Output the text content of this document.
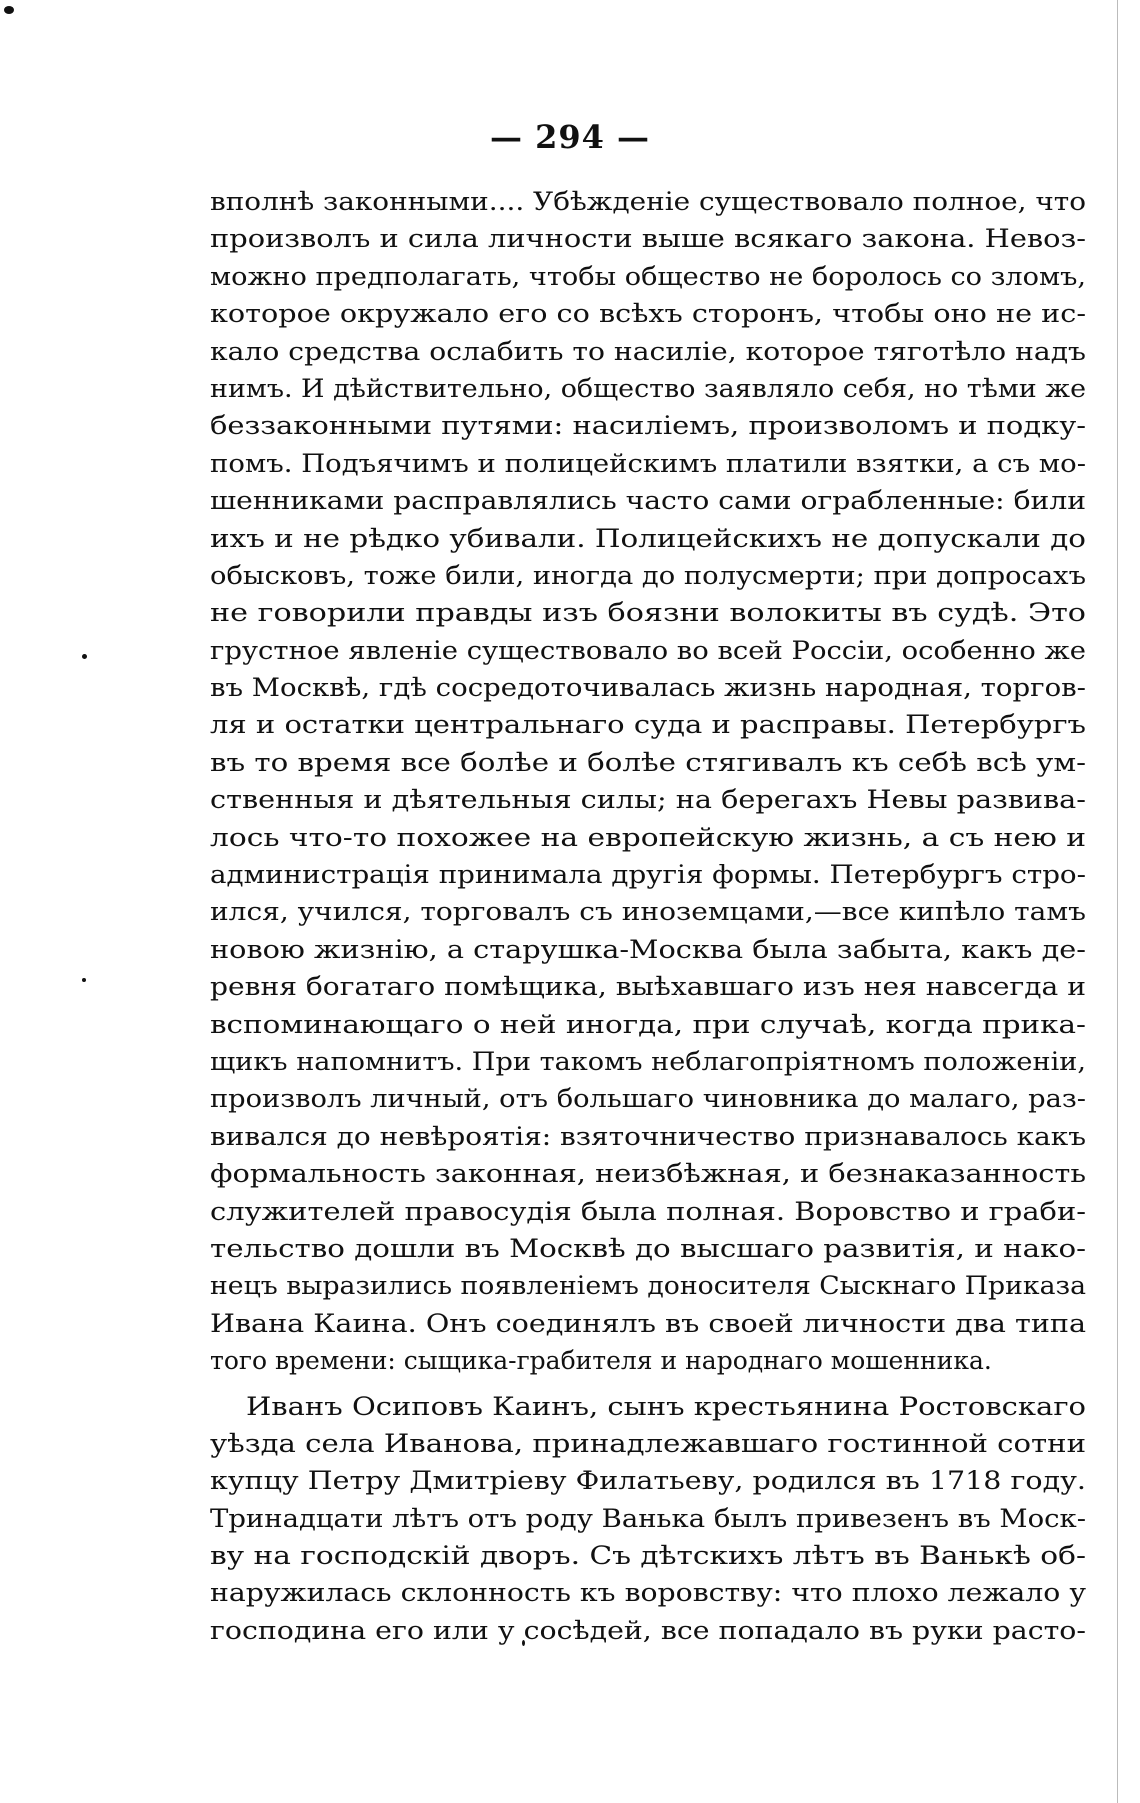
— 294 —
вполнѣ законными.... Убѣжденіе существовало полное, что
произволъ и сила личности выше всякаго закона. Невоз-
можно предполагать, чтобы общество не боролось со зломъ,
которое окружало его со всѣхъ сторонъ, чтобы оно не ис-
кало средства ослабить то насиліе, которое тяготѣло надъ
нимъ. И дѣйствительно, общество заявляло себя, но тѣми же
беззаконными путями: насиліемъ, произволомъ и подку-
помъ. Подъячимъ и полицейскимъ платили взятки, а съ мо-
шенниками расправлялись часто сами ограбленные: били
ихъ и не рѣдко убивали. Полицейскихъ не допускали до
обысковъ, тоже били, иногда до полусмерти; при допросахъ
не говорили правды изъ боязни волокиты въ судѣ. Это
грустное явленіе существовало во всей Россіи, особенно же
въ Москвѣ, гдѣ сосредоточивалась жизнь народная, торгов-
ля и остатки центральнаго суда и расправы. Петербургъ
въ то время все болѣе и болѣе стягивалъ къ себѣ всѣ ум-
ственныя и дѣятельныя силы; на берегахъ Невы развива-
лось что-то похожее на европейскую жизнь, а съ нею и
администрація принимала другія формы. Петербургъ стро-
ился, учился, торговалъ съ иноземцами,—все кипѣло тамъ
новою жизнію, а старушка-Москва была забыта, какъ де-
ревня богатаго помѣщика, выѣхавшаго изъ нея навсегда и
вспоминающаго о ней иногда, при случаѣ, когда прика-
щикъ напомнитъ. При такомъ неблагопріятномъ положеніи,
произволъ личный, отъ большаго чиновника до малаго, раз-
вивался до невѣроятія: взяточничество признавалось какъ
формальность законная, неизбѣжная, и безнаказанность
служителей правосудія была полная. Воровство и граби-
тельство дошли въ Москвѣ до высшаго развитія, и нако-
нецъ выразились появленіемъ доносителя Сыскнаго Приказа
Ивана Каина. Онъ соединялъ въ своей личности два типа
того времени: сыщика-грабителя и народнаго мошенника.
Иванъ Осиповъ Каинъ, сынъ крестьянина Ростовскаго
уѣзда села Иванова, принадлежавшаго гостинной сотни
купцу Петру Дмитріеву Филатьеву, родился въ 1718 году.
Тринадцати лѣтъ отъ роду Ванька былъ привезенъ въ Моск-
ву на господскій дворъ. Съ дѣтскихъ лѣтъ въ Ванькѣ об-
наружилась склонность къ воровству: что плохо лежало у
господина его или у сосѣдей, все попадало въ руки расто-
